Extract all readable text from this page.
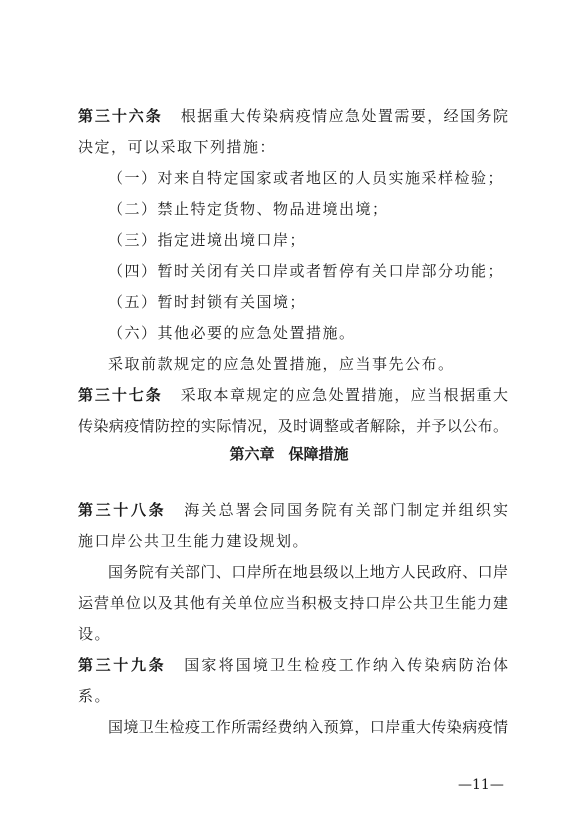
第三十六条 根据重大传染病疫情应急处置需要，经国务院
决定，可以采取下列措施：
（一）对来自特定国家或者地区的人员实施采样检验；
（二）禁止特定货物、物品进境出境；
（三）指定进境出境口岸；
（四）暂时关闭有关口岸或者暂停有关口岸部分功能；
（五）暂时封锁有关国境；
（六）其他必要的应急处置措施。
采取前款规定的应急处置措施，应当事先公布。
第三十七条 采取本章规定的应急处置措施，应当根据重大
传染病疫情防控的实际情况，及时调整或者解除，并予以公布。
第六章 保障措施
第三十八条 海关总署会同国务院有关部门制定并组织实
施口岸公共卫生能力建设规划。
国务院有关部门、口岸所在地县级以上地方人民政府、口岸
运营单位以及其他有关单位应当积极支持口岸公共卫生能力建
设。
第三十九条 国家将国境卫生检疫工作纳入传染病防治体
系。
国境卫生检疫工作所需经费纳入预算，口岸重大传染病疫情
—11—
